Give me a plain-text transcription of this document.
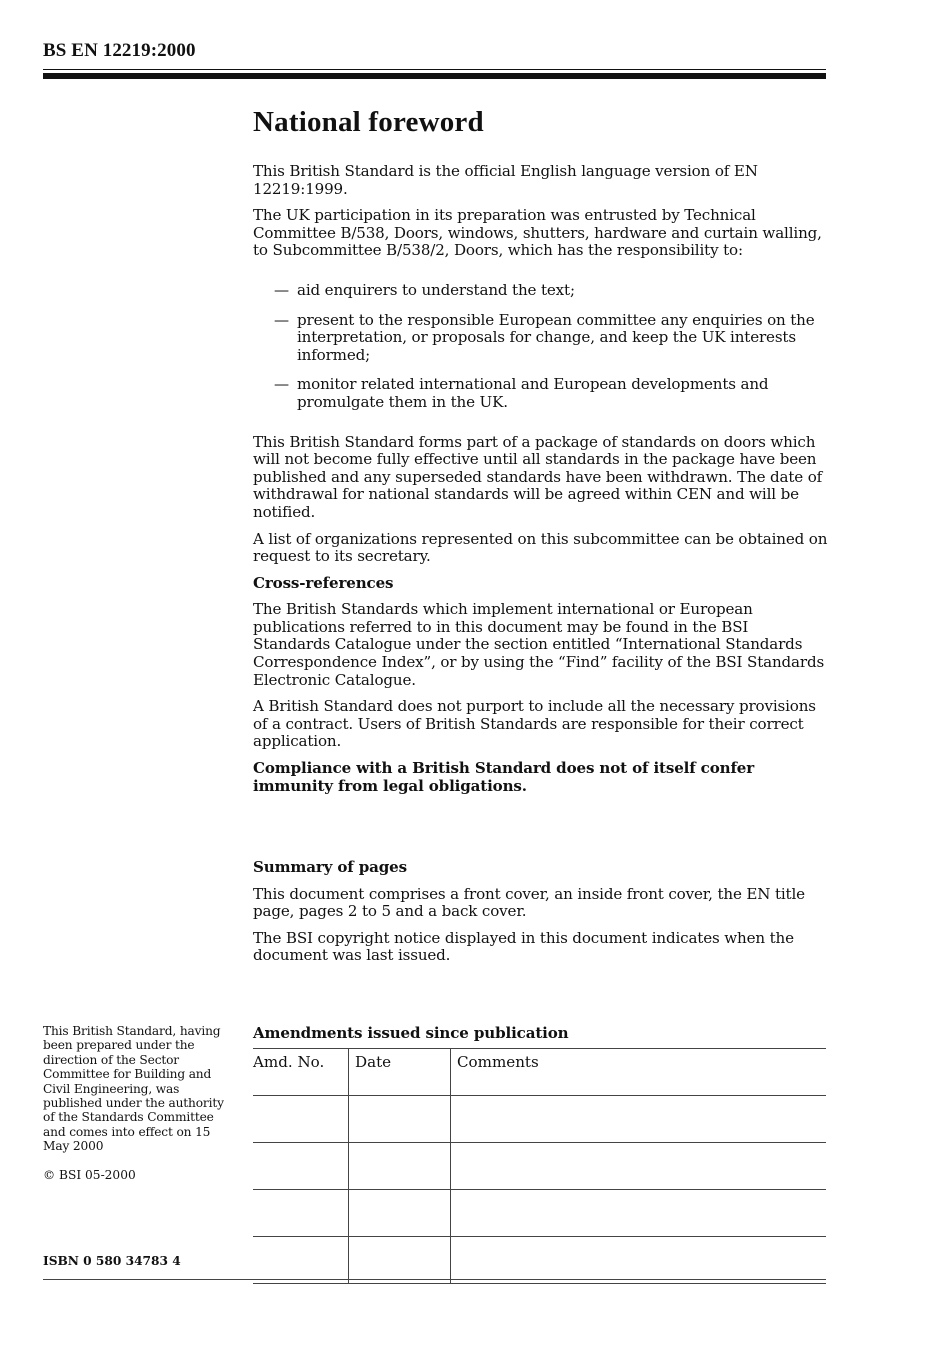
BS EN 12219:2000
National foreword

This British Standard is the official English language version of EN 12219:1999.

The UK participation in its preparation was entrusted by Technical Committee B/538, Doors, windows, shutters, hardware and curtain walling, to Subcommittee B/538/2, Doors, which has the responsibility to:

— aid enquirers to understand the text;
— present to the responsible European committee any enquiries on the interpretation, or proposals for change, and keep the UK interests informed;
— monitor related international and European developments and promulgate them in the UK.

This British Standard forms part of a package of standards on doors which will not become fully effective until all standards in the package have been published and any superseded standards have been withdrawn. The date of withdrawal for national standards will be agreed within CEN and will be notified.

A list of organizations represented on this subcommittee can be obtained on request to its secretary.

Cross-references

The British Standards which implement international or European publications referred to in this document may be found in the BSI Standards Catalogue under the section entitled “International Standards Correspondence Index”, or by using the “Find” facility of the BSI Standards Electronic Catalogue.

A British Standard does not purport to include all the necessary provisions of a contract. Users of British Standards are responsible for their correct application.

Compliance with a British Standard does not of itself confer immunity from legal obligations.

Summary of pages

This document comprises a front cover, an inside front cover, the EN title page, pages 2 to 5 and a back cover.

The BSI copyright notice displayed in this document indicates when the document was last issued.

This British Standard, having been prepared under the direction of the Sector Committee for Building and Civil Engineering, was published under the authority of the Standards Committee and comes into effect on 15 May 2000

© BSI 05-2000
ISBN 0 580 34783 4

Amendments issued since publication

Amd. No.	Date	Comments
